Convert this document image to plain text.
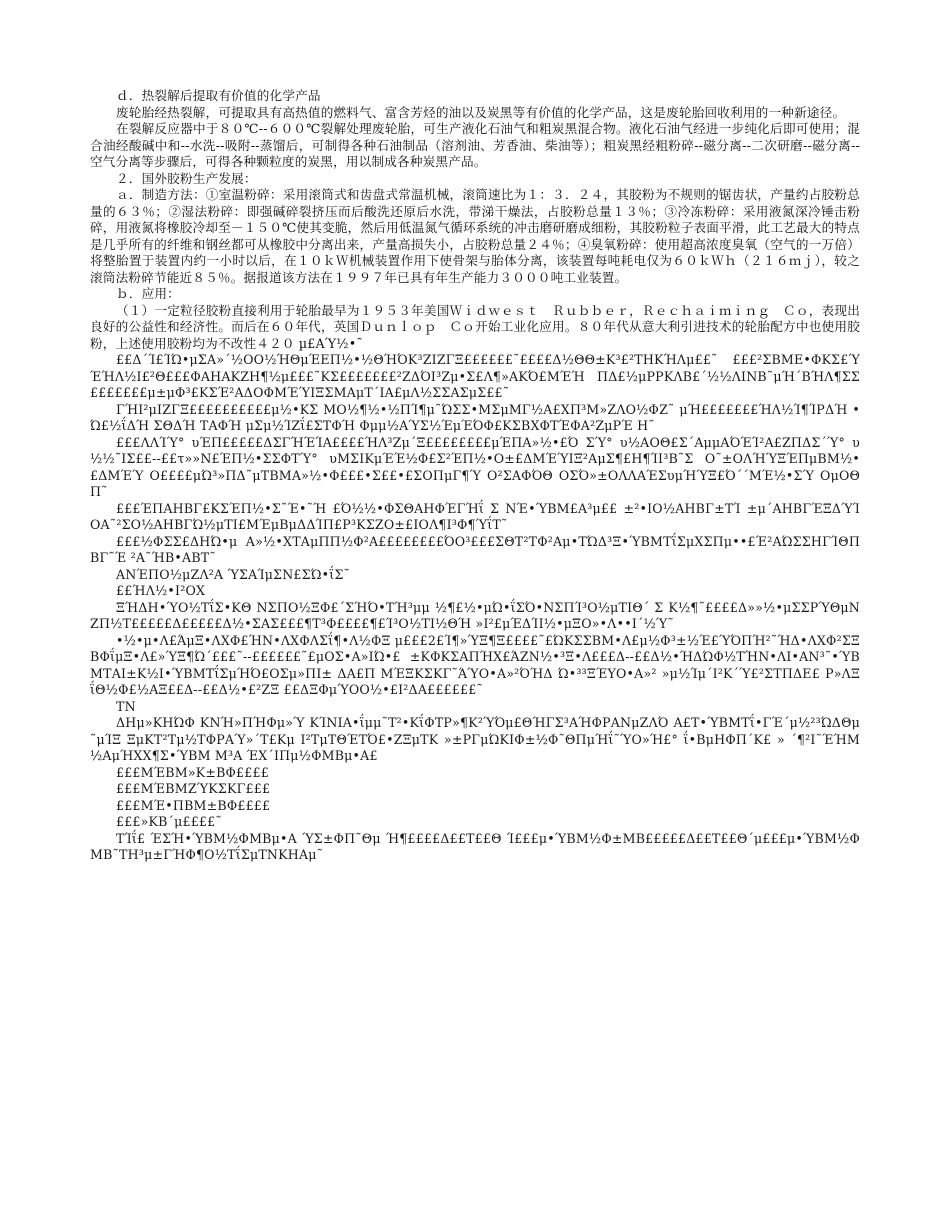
ｄ．热裂解后提取有价值的化学产品

废轮胎经热裂解，可提取具有高热值的燃料气、富含芳烃的油以及炭黑等有价值的化学产品，这是废轮胎回收利用的一种新途径。

在裂解反应器中于８０℃--６００℃裂解处理废轮胎，可生产液化石油气和粗炭黑混合物。液化石油气经进一步纯化后即可使用；混合油经酸碱中和--水洗--吸附--蒸馏后，可制得各种石油制品（溶剂油、芳香油、柴油等）；粗炭黑经粗粉碎--磁分离--二次研磨--磁分离--空气分离等步骤后，可得各种颗粒度的炭黑，用以制成各种炭黑产品。

２．国外胶粉生产发展：

ａ．制造方法：①室温粉碎：采用滚筒式和齿盘式常温机械，滚筒速比为１：３．２４，其胶粉为不规则的锯齿状，产量约占胶粉总量的６３％；②湿法粉碎：即强碱碎裂挤压而后酸洗还原后水洗，带涕干燥法，占胶粉总量１３％；③冷冻粉碎：采用液氮深冷锤击粉碎，用液氮将橡胶冷却至－１５０℃使其变脆，然后用低温氮气循环系统的冲击磨研磨成细粉，其胶粉粒子表面平滑，此工艺最大的特点是几乎所有的纤维和钢丝都可从橡胶中分离出来，产量高损失小，占胶粉总量２４％；④臭氧粉碎：使用超高浓度臭氧（空气的一万倍）将整胎置于装置内约一小时以后，在１０ｋＷ机械装置作用下使骨架与胎体分离，该装置每吨耗电仅为６０ｋＷｈ（２１６ｍｊ），较之滚筒法粉碎节能近８５％。据报道该方法在１９９７年已具有年生产能力３０００吨工业装置。

ｂ．应用：

（１）一定粒径胶粉直接利用于轮胎最早为１９５３年美国Ｗｉｄｗｅｓｔ　Ｒｕｂｂｅｒ，Ｒｅｃｈａｉｍｉｎｇ　Ｃｏ，表现出良好的公益性和经济性。而后在６０年代，英国Ｄｕｎｌｏｐ　Ｃｏ开始工业化应用。８０年代从意大利引进技术的轮胎配方中也使用胶粉，上述使用胶粉均为不改性４２０ µ£ΑΎ½•˜

££Δ´Ί£ΊΏ•μΣΑ»´½ΟΟ½ΉΘμΈΕΠ½•½ΘΉΌΚ³ΖΙΖΓΞ££££££˜££££Δ½ΘΘ±Κ³£²ΤΗΚΉΛμ££˜ £££²ΣΒΜΕ•ΦΚΣ£ΎΈΉΛ½Ι£²Θ£££ΦΑΗΑΚΖΗ¶½μ£££˜ΚΣ£££££££²ΖΔΌΙ³Ζμ•Σ£Λ¶»ΑΚΌ£ΜΈΉ ΠΔ£½μΡΡΚΛΒ£´½½ΛΙΝΒ˜μΉ´ΒΉΛ¶ΣΣ£££££££μ±μΦ³£ΚΣΈ²ΑΔΟΦΜΈΎΙΞΣΜΑμΤ΄ΙΑ£μΛ½ΣΣΑΣμΣ££˜

ΓΉΙ²μΙΖΓΞ££££££££££μ½•ΚΣ ΜΟ½¶½•½ΠΊ¶μ˜ΏΣΣ•ΜΣμΜΓ½Α£ΧΠ³Μ»ΖΛΟ½ΦΖ˜ μΉ£££££££ΉΛ½Ί¶ΊΡΔΉ •Ώ£½ΐΔΉ ΣΘΔΉ ΤΑΦΉ μΣμ½ΊΖΐ£ΣΤΦΉ Φμμ½ΑΎΣ½ΈμΈΌΦ£ΚΣΒΧΦΤΈΦΑ²ΖμΡΈ Η˜

£££ΛΛΊΎ° υΈΠ£££££ΔΣΓΉΈΊΑ££££ΉΛ³Ζμ΄Ξ££££££££μΈΠΑ»½•£Ό ΣΎ° υ½ΑΟΘ£Σ΄ΑμμΑΌΈΊ²Α£ΖΠΔΣ´Ύ° υ½½˜ΙΣ££--££τ»»Ν£ΈΠ½•ΣΣΦΤΎ° υΜΣΙΚμΈΈ½Φ£Σ²ΈΠ½•Ο±£ΔΜΈΎΙΞ²ΑμΣ¶£Η¶ΊΙ³Β˜Σ Ο˜±ΟΛΉΎΞΈΠμΒΜ½•£ΔΜΈΎ Ο££££μΏ³»ΠΔ˜μΤΒΜΑ»½•Φ£££•Σ££•£ΣΟΠμΓ¶Ύ Ο²ΣΑΦΌΘ ΟΣΌ»±ΟΛΛΑΈΣυμΉΎΞ£Ό´´ΜΈ½•ΣΎ ΟμΟΘΠ˜

£££ΈΠΑΗΒΓ£ΚΣΈΠ½•Σ˜Έ•˜Ή £Ό½½•ΦΣΘΑΗΦΈΓΉΐ Σ ΝΈ•ΎΒΜ£Α³μ££ ±²•ΙΟ½ΑΗΒΓ±ΤΊ ±μ´ΑΗΒΓΈΞΔΎΊΟΑ˜²ΣΟ½ΑΗΒΓΏ½μΤΙ£ΜΈμΒμΔΔΊΠ£Ρ³ΚΣΖΟ±£ΙΟΛ¶Ι³Φ¶ΎΐΤ˜

£££½ΦΣΣ£ΔΗΏ•μ Α»½•ΧΤΑμΠΠ½Φ²Α££££££££ΌΟ³£££ΣΘΤ²ΤΦ²Αμ•ΤΏΔ³Ξ•ΎΒΜΤΐΣμΧΣΠμ••£Έ²ΑΏΣΣΗΓΊΘΠΒΓ˜Έ ²Α˜ΉΒ•ΑΒΤ˜

ΑΝΈΠΟ½μΖΛ²Α ΎΣΑΊμΣΝ£ΣΏ•ΐΣ˜

££ΉΛ½•Ι²ΟΧ

ΞΉΔΗ•ΎΟ½ΤΐΣ•ΚΘ ΝΣΠΟ½ΞΦ£΄ΣΉΌ•ΤΉ³μμ ½¶£½•μΏ•ΐΣΌ•ΝΣΠΊ³Ο½μΤΙΘ΄ Σ Κ½¶˜££££Δ»»½•μΣΣΡΎΘμΝΖΠ½Τ£££££Δ£££££Δ½•ΣΑΣ£££¶Τ³Φ££££¶£Ί³Ο½ΤΙ½ΘΉ »Ι²£μΈΔΊΙ½•μΞΟ»•Λ••Ι΄½Ύ˜

•½•μ•Λ£ΆμΞ•ΛΧΦ£ΉΝ•ΛΧΦΛΣΐ¶•Λ½ΦΞ μ£££2£Ί¶»ΎΞ¶Ξ££££˜£ΏΚΣΣΒΜ•Λ£μ½Φ³±½Έ£ΎΌΠΉ²˜ΉΔ•ΛΧΦ²ΣΞΒΦΐμΞ•Λ£»ΎΞ¶Ώ΄£££˜--££££££˜£μΟΣ•Α»ΙΏ•£ ±ΚΦΚΣΑΠΉΧ£ΆΖΝ½•³Ξ•Λ£££Δ--££Δ½•ΉΔΏΦ½ΤΉΝ•ΛΙ•ΑΝ³˜•ΎΒΜΤΑΙ±Κ½Ι•ΎΒΜΤΐΣμΉΌ£ΟΣμ»ΠΙ± ΔΑ£Π ΜΈΞΚΣΚΓ˜ΆΎΟ•Α»²ΌΉΔ Ώ•³³ΞΈΥΟ•Α»² »μ½Ίμ΄Ι²Κ΄Ύ£²ΣΤΠΔΕ£ Ρ»ΛΞΐΘ½Φ£½ΑΞ££Δ--££Δ½•£²ΖΞ ££ΔΞΦμΎΟΟ½•£Ι²ΔΑ££££££˜

ΤΝ

ΔΗμ»ΚΗΏΦ ΚΝΉ»ΠΉΦμ»Ύ ΚΊΝΙΑ•ΐμμ˜Τ²•ΚΐΦΤΡ»¶Κ²ΎΌμ£ΘΉΓΣ³ΑΉΦΡΑΝμΖΛΌ Α£Τ•ΎΒΜΤΐ•ΓΈ´μ½²³ΏΔΘμ˜μΊΞ ΞμΚΤ²Τμ½ΤΦΡΑΎ»´Τ£Κμ Ι²ΤμΤΘΈΤΌ£•ΖΞμΤΚ »±ΡΓμΏΚΙΦ±½Φ˜ΘΠμΉΐ˜ΎΟ»Ή£° ΐ•ΒμΗΦΠ΄Κ£ » ´¶²Ι˜ΈΉΜ½ΑμΉΧΧ¶Σ•ΎΒΜ Μ³Α ΈΧ΄ΙΠμ½ΦΜΒμ•Α£

£££ΜΈΒΜ»Κ±ΒΦ££££

£££ΜΈΒΜΖΎΚΣΚΓ£££

£££ΜΈ•ΠΒΜ±ΒΦ££££

£££»ΚΒ΄μ££££˜

ΤΊΐ£ ΈΣΉ•ΎΒΜ½ΦΜΒμ•Α ΎΣ±ΦΠ˜Θμ Ή¶££££Δ££Τ££Θ Ί£££μ•ΎΒΜ½Φ±ΜΒ£££££Δ££Τ££Θ΄μ£££μ•ΎΒΜ½ΦΜΒ˜ΤΗ³μ±ΓΉΦ¶Ο½ΤΐΣμΤΝΚΗΑμ˜
